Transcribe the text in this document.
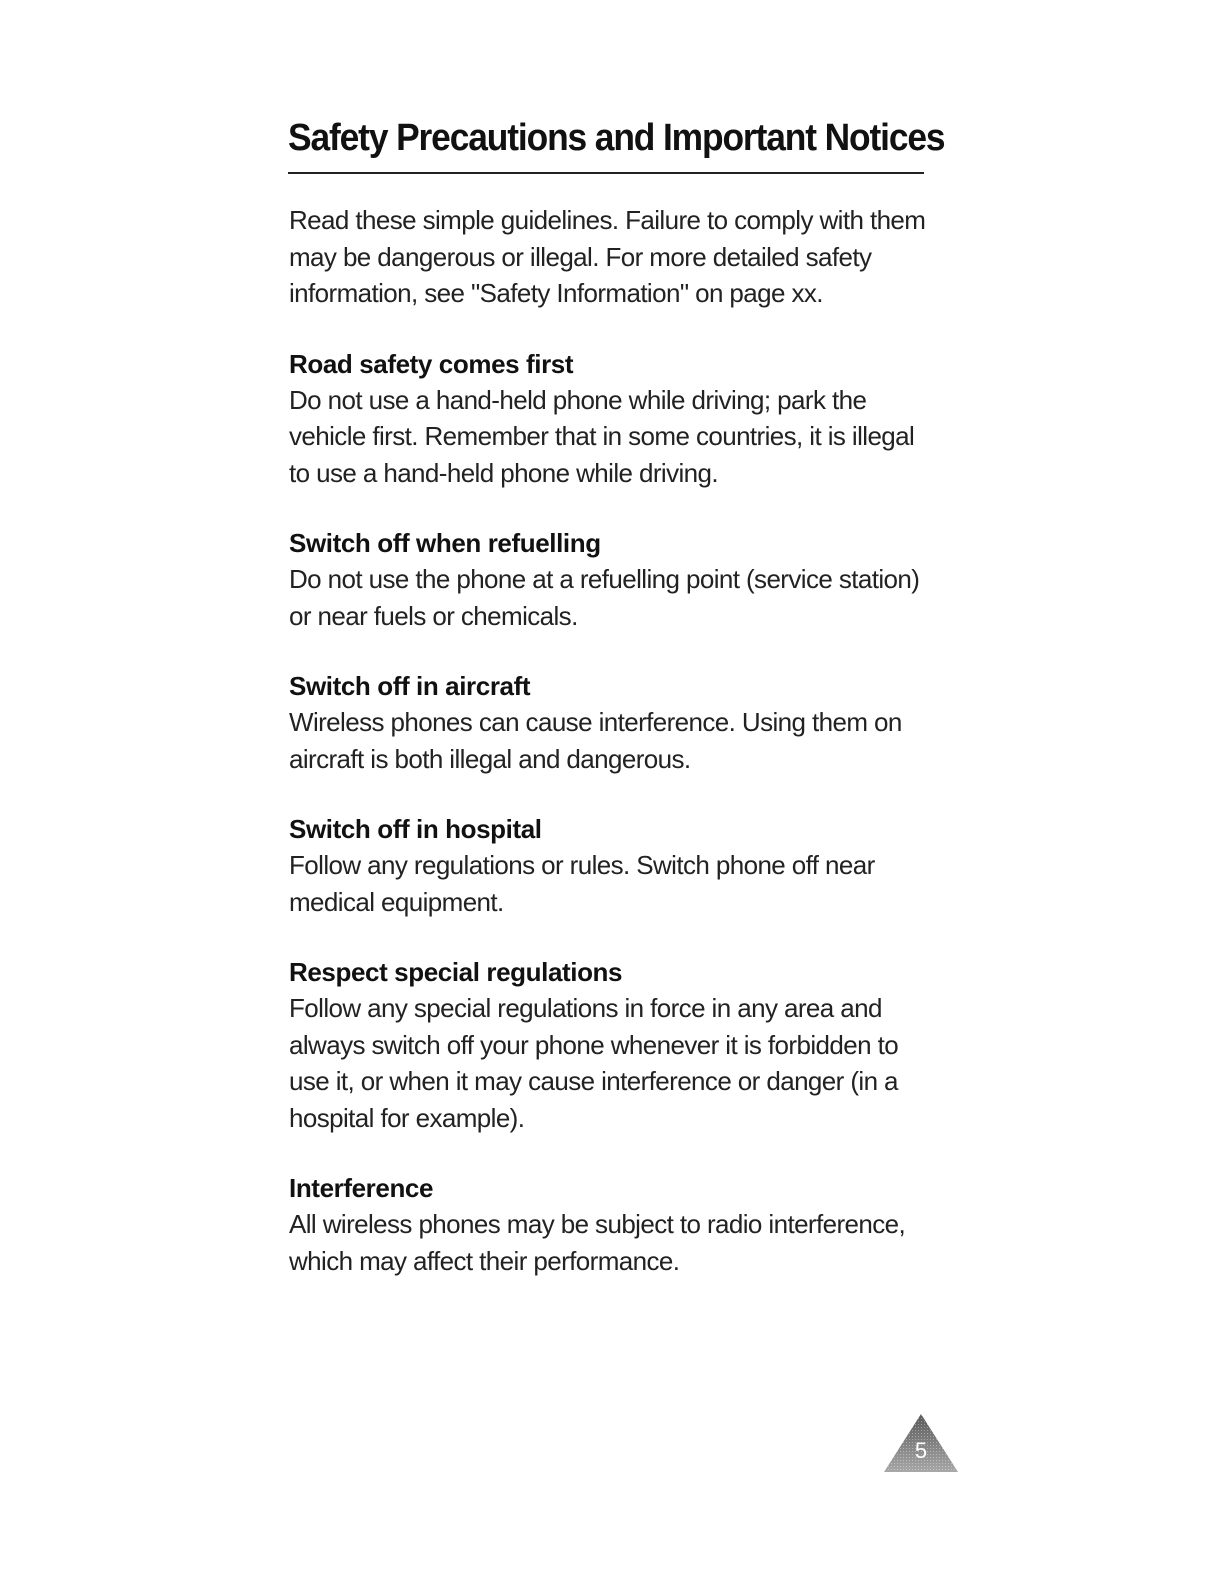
Safety Precautions and Important Notices

Read these simple guidelines. Failure to comply with them may be dangerous or illegal. For more detailed safety information, see "Safety Information" on page xx.

Road safety comes first

Do not use a hand-held phone while driving; park the vehicle first. Remember that in some countries, it is illegal to use a hand-held phone while driving.

Switch off when refuelling

Do not use the phone at a refuelling point (service station) or near fuels or chemicals.

Switch off in aircraft

Wireless phones can cause interference. Using them on aircraft is both illegal and dangerous.

Switch off in hospital

Follow any regulations or rules. Switch phone off near medical equipment.

Respect special regulations

Follow any special regulations in force in any area and always switch off your phone whenever it is forbidden to use it, or when it may cause interference or danger (in a hospital for example).

Interference

All wireless phones may be subject to radio interference, which may affect their performance.

5
